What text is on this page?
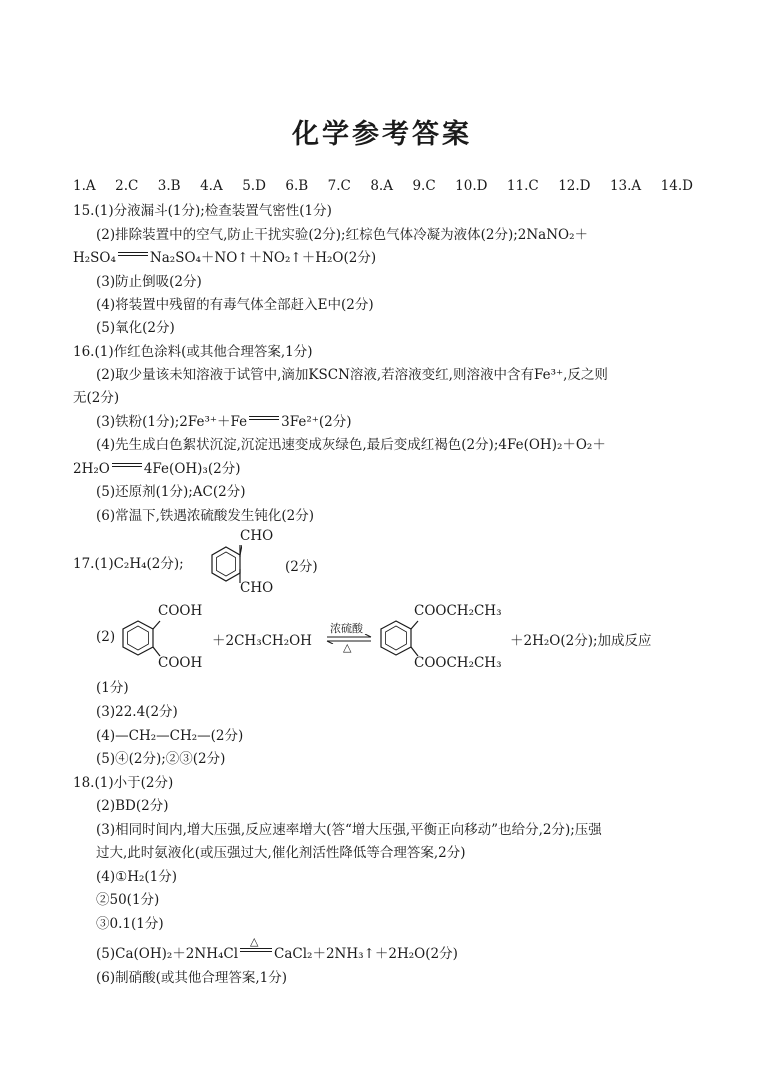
化学参考答案
1.A 2.C 3.B 4.A 5.D 6.B 7.C 8.A 9.C 10.D 11.C 12.D 13.A 14.D
15.(1)分液漏斗(1分);检查装置气密性(1分)
(2)排除装置中的空气,防止干扰实验(2分);红棕色气体冷凝为液体(2分);2NaNO₂＋
H₂SO₄	Na₂SO₄＋NO↑＋NO₂↑＋H₂O(2分)
(3)防止倒吸(2分)
(4)将装置中残留的有毒气体全部赶入E中(2分)
(5)氧化(2分)
16.(1)作红色涂料(或其他合理答案,1分)
(2)取少量该未知溶液于试管中,滴加KSCN溶液,若溶液变红,则溶液中含有Fe³⁺,反之则
无(2分)
(3)铁粉(1分);2Fe³⁺＋Fe	3Fe²⁺(2分)
(4)先生成白色絮状沉淀,沉淀迅速变成灰绿色,最后变成红褐色(2分);4Fe(OH)₂＋O₂＋
2H₂O	4Fe(OH)₃(2分)
(5)还原剂(1分);AC(2分)
(6)常温下,铁遇浓硫酸发生钝化(2分)
17.(1)C₂H₄(2分);
CHO
CHO
(2分)
(2)
COOH
COOH
＋2CH₃CH₂OH
浓硫酸
△
COOCH₂CH₃
COOCH₂CH₃
＋2H₂O(2分);加成反应
(1分)
(3)22.4(2分)
(4)—CH₂—CH₂—(2分)
(5)④(2分);②③(2分)
18.(1)小于(2分)
(2)BD(2分)
(3)相同时间内,增大压强,反应速率增大(答“增大压强,平衡正向移动”也给分,2分);压强
过大,此时氨液化(或压强过大,催化剂活性降低等合理答案,2分)
(4)①H₂(1分)
②50(1分)
③0.1(1分)
(5)Ca(OH)₂＋2NH₄Cl
△
CaCl₂＋2NH₃↑＋2H₂O(2分)
(6)制硝酸(或其他合理答案,1分)
